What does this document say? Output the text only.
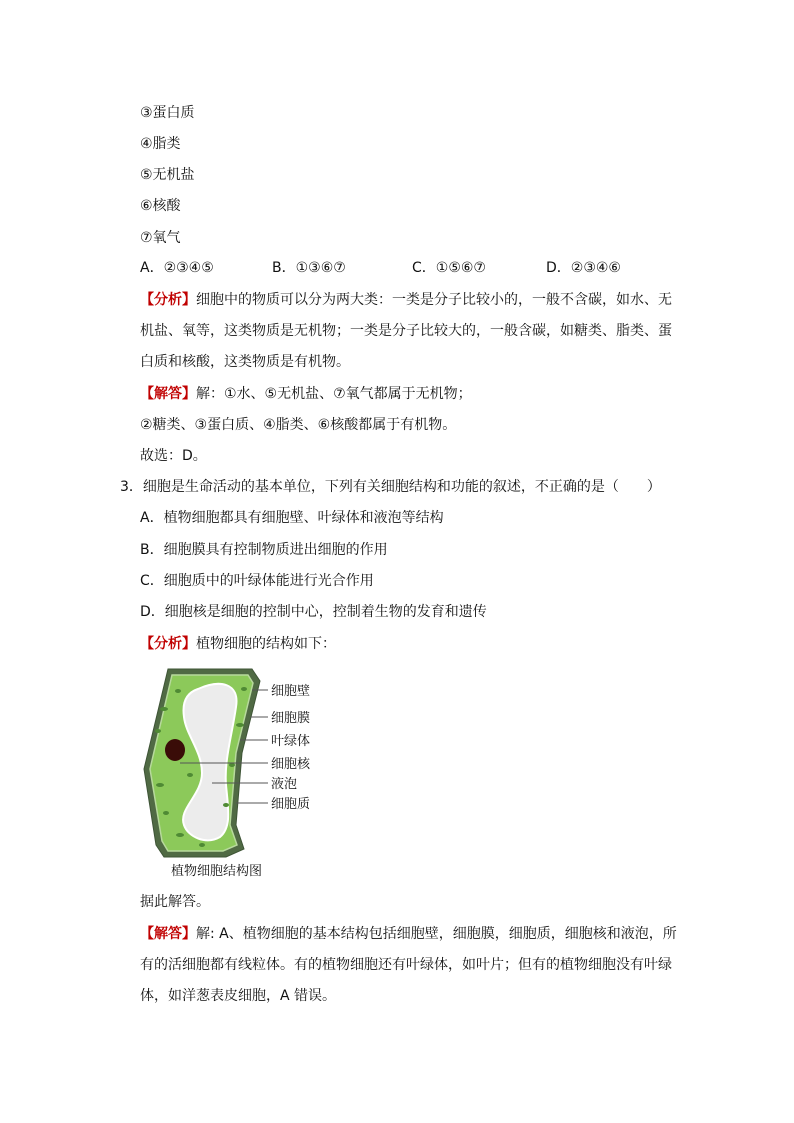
③蛋白质
④脂类
⑤无机盐
⑥核酸
⑦氧气
A．②③④⑤	B．①③⑥⑦	C．①⑤⑥⑦	D．②③④⑥
【分析】细胞中的物质可以分为两大类：一类是分子比较小的，一般不含碳，如水、无
机盐、氧等，这类物质是无机物；一类是分子比较大的，一般含碳，如糖类、脂类、蛋
白质和核酸，这类物质是有机物。
【解答】解：①水、⑤无机盐、⑦氧气都属于无机物；
②糖类、③蛋白质、④脂类、⑥核酸都属于有机物。
故选：D。
3．细胞是生命活动的基本单位，下列有关细胞结构和功能的叙述，不正确的是（　　）
A．植物细胞都具有细胞壁、叶绿体和液泡等结构
B．细胞膜具有控制物质进出细胞的作用
C．细胞质中的叶绿体能进行光合作用
D．细胞核是细胞的控制中心，控制着生物的发育和遗传
【分析】植物细胞的结构如下：
细胞壁
细胞膜
叶绿体
细胞核
液泡
细胞质
植物细胞结构图
据此解答。
【解答】解: A、植物细胞的基本结构包括细胞壁，细胞膜，细胞质，细胞核和液泡，所
有的活细胞都有线粒体。有的植物细胞还有叶绿体，如叶片；但有的植物细胞没有叶绿
体，如洋葱表皮细胞，A 错误。
